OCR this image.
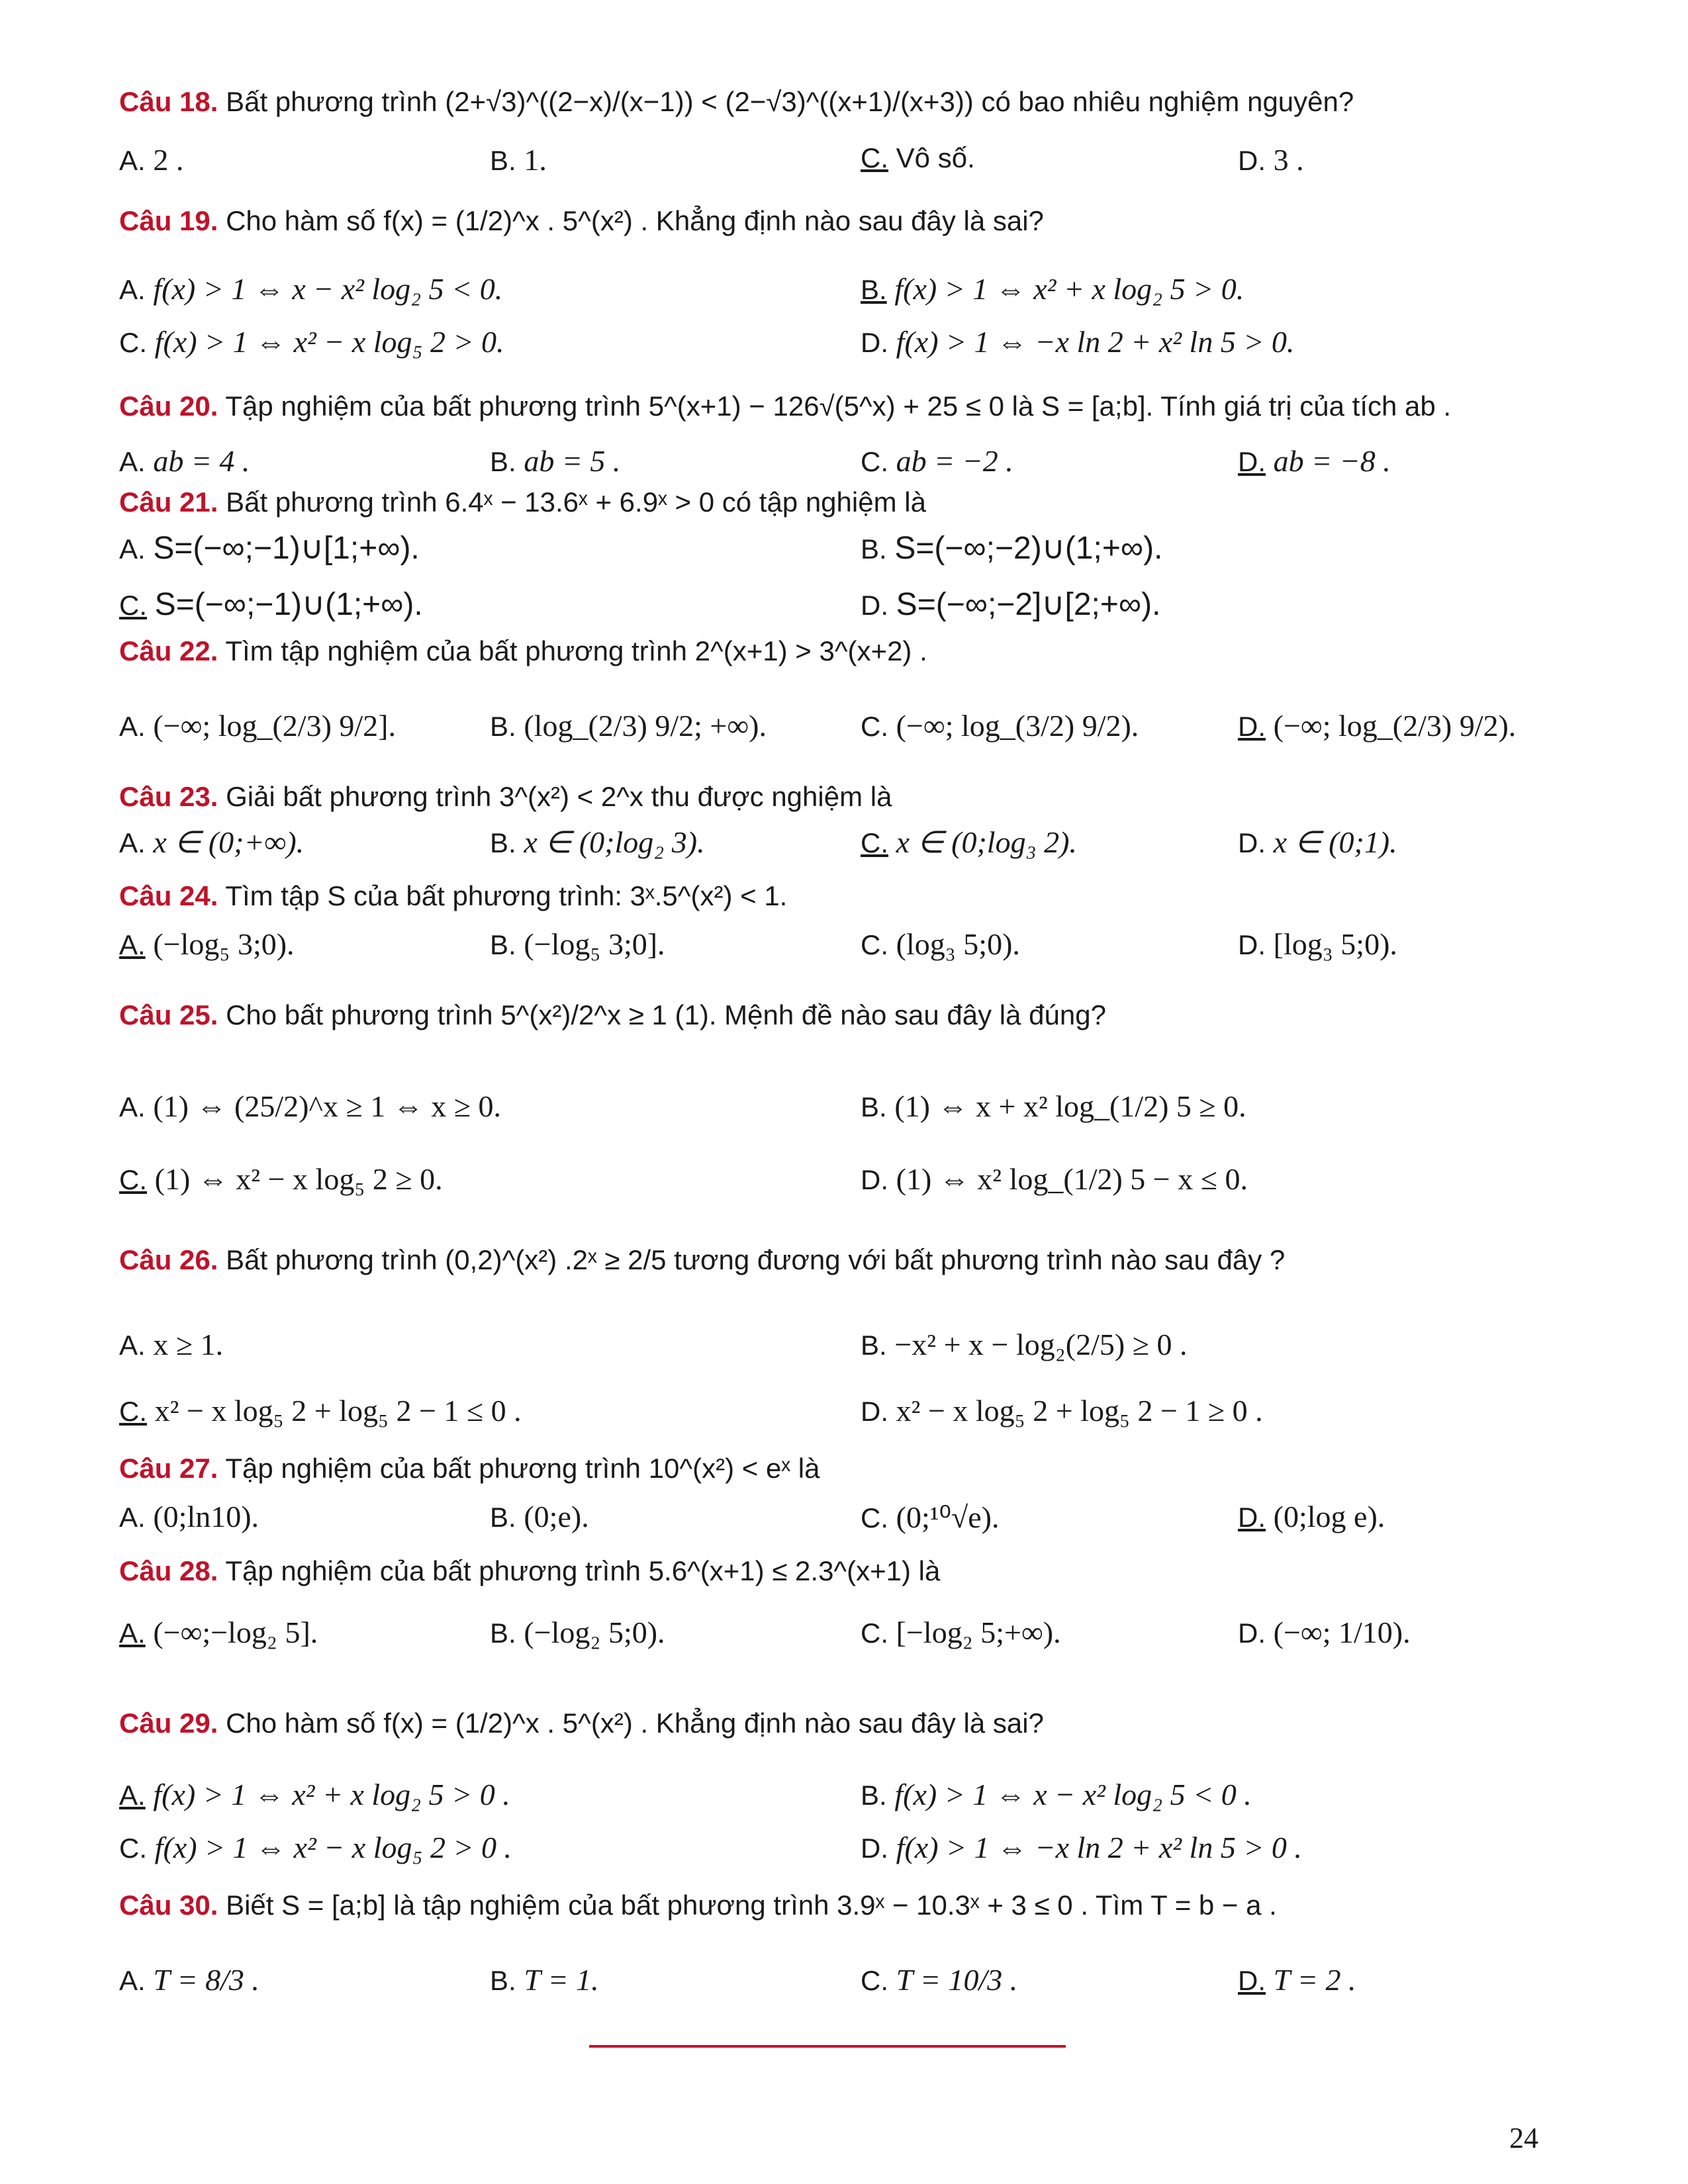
Câu 18. Bất phương trình (2+√3)^((2−x)/(x−1)) < (2−√3)^((x+1)/(x+3)) có bao nhiêu nghiệm nguyên?
A. 2 .	B. 1.	C. Vô số.	D. 3 .
Câu 19. Cho hàm số f(x) = (1/2)^x . 5^(x²) . Khẳng định nào sau đây là sai?
A. f(x) > 1 ⇔ x − x² log₂ 5 < 0.	B. f(x) > 1 ⇔ x² + x log₂ 5 > 0.
C. f(x) > 1 ⇔ x² − x log₅ 2 > 0.	D. f(x) > 1 ⇔ −x ln 2 + x² ln 5 > 0.
Câu 20. Tập nghiệm của bất phương trình 5^(x+1) − 126√(5^x) + 25 ≤ 0 là S = [a;b]. Tính giá trị của tích ab .
A. ab = 4 .	B. ab = 5 .	C. ab = −2 .	D. ab = −8 .
Câu 21. Bất phương trình 6.4ˣ − 13.6ˣ + 6.9ˣ > 0 có tập nghiệm là
A. S=(−∞;−1)∪[1;+∞).	B. S=(−∞;−2)∪(1;+∞).
C. S=(−∞;−1)∪(1;+∞).	D. S=(−∞;−2]∪[2;+∞).
Câu 22. Tìm tập nghiệm của bất phương trình 2^(x+1) > 3^(x+2) .
A. (−∞; log_(2/3) 9/2].	B. (log_(2/3) 9/2; +∞).	C. (−∞; log_(3/2) 9/2).	D. (−∞; log_(2/3) 9/2).
Câu 23. Giải bất phương trình 3^(x²) < 2^x thu được nghiệm là
A. x ∈ (0;+∞).	B. x ∈ (0;log₂ 3).	C. x ∈ (0;log₃ 2).	D. x ∈ (0;1).
Câu 24. Tìm tập S của bất phương trình: 3ˣ.5^(x²) < 1.
A. (−log₅ 3;0).	B. (−log₅ 3;0].	C. (log₃ 5;0).	D. [log₃ 5;0).
Câu 25. Cho bất phương trình 5^(x²)/2^x ≥ 1 (1). Mệnh đề nào sau đây là đúng?
A. (1) ⇔ (25/2)^x ≥ 1 ⇔ x ≥ 0.	B. (1) ⇔ x + x² log_(1/2) 5 ≥ 0.
C. (1) ⇔ x² − x log₅ 2 ≥ 0.	D. (1) ⇔ x² log_(1/2) 5 − x ≤ 0.
Câu 26. Bất phương trình (0,2)^(x²) .2ˣ ≥ 2/5 tương đương với bất phương trình nào sau đây ?
A. x ≥ 1.	B. −x² + x − log₂(2/5) ≥ 0 .
C. x² − x log₅ 2 + log₅ 2 − 1 ≤ 0 .	D. x² − x log₅ 2 + log₅ 2 − 1 ≥ 0 .
Câu 27. Tập nghiệm của bất phương trình 10^(x²) < eˣ là
A. (0;ln10).	B. (0;e).	C. (0;¹⁰√e).	D. (0;log e).
Câu 28. Tập nghiệm của bất phương trình 5.6^(x+1) ≤ 2.3^(x+1) là
A. (−∞;−log₂ 5].	B. (−log₂ 5;0).	C. [−log₂ 5;+∞).	D. (−∞; 1/10).
Câu 29. Cho hàm số f(x) = (1/2)^x . 5^(x²) . Khẳng định nào sau đây là sai?
A. f(x) > 1 ⇔ x² + x log₂ 5 > 0 .	B. f(x) > 1 ⇔ x − x² log₂ 5 < 0 .
C. f(x) > 1 ⇔ x² − x log₅ 2 > 0 .	D. f(x) > 1 ⇔ −x ln 2 + x² ln 5 > 0 .
Câu 30. Biết S = [a;b] là tập nghiệm của bất phương trình 3.9ˣ − 10.3ˣ + 3 ≤ 0 . Tìm T = b − a .
A. T = 8/3 .	B. T = 1.	C. T = 10/3 .	D. T = 2 .
24
